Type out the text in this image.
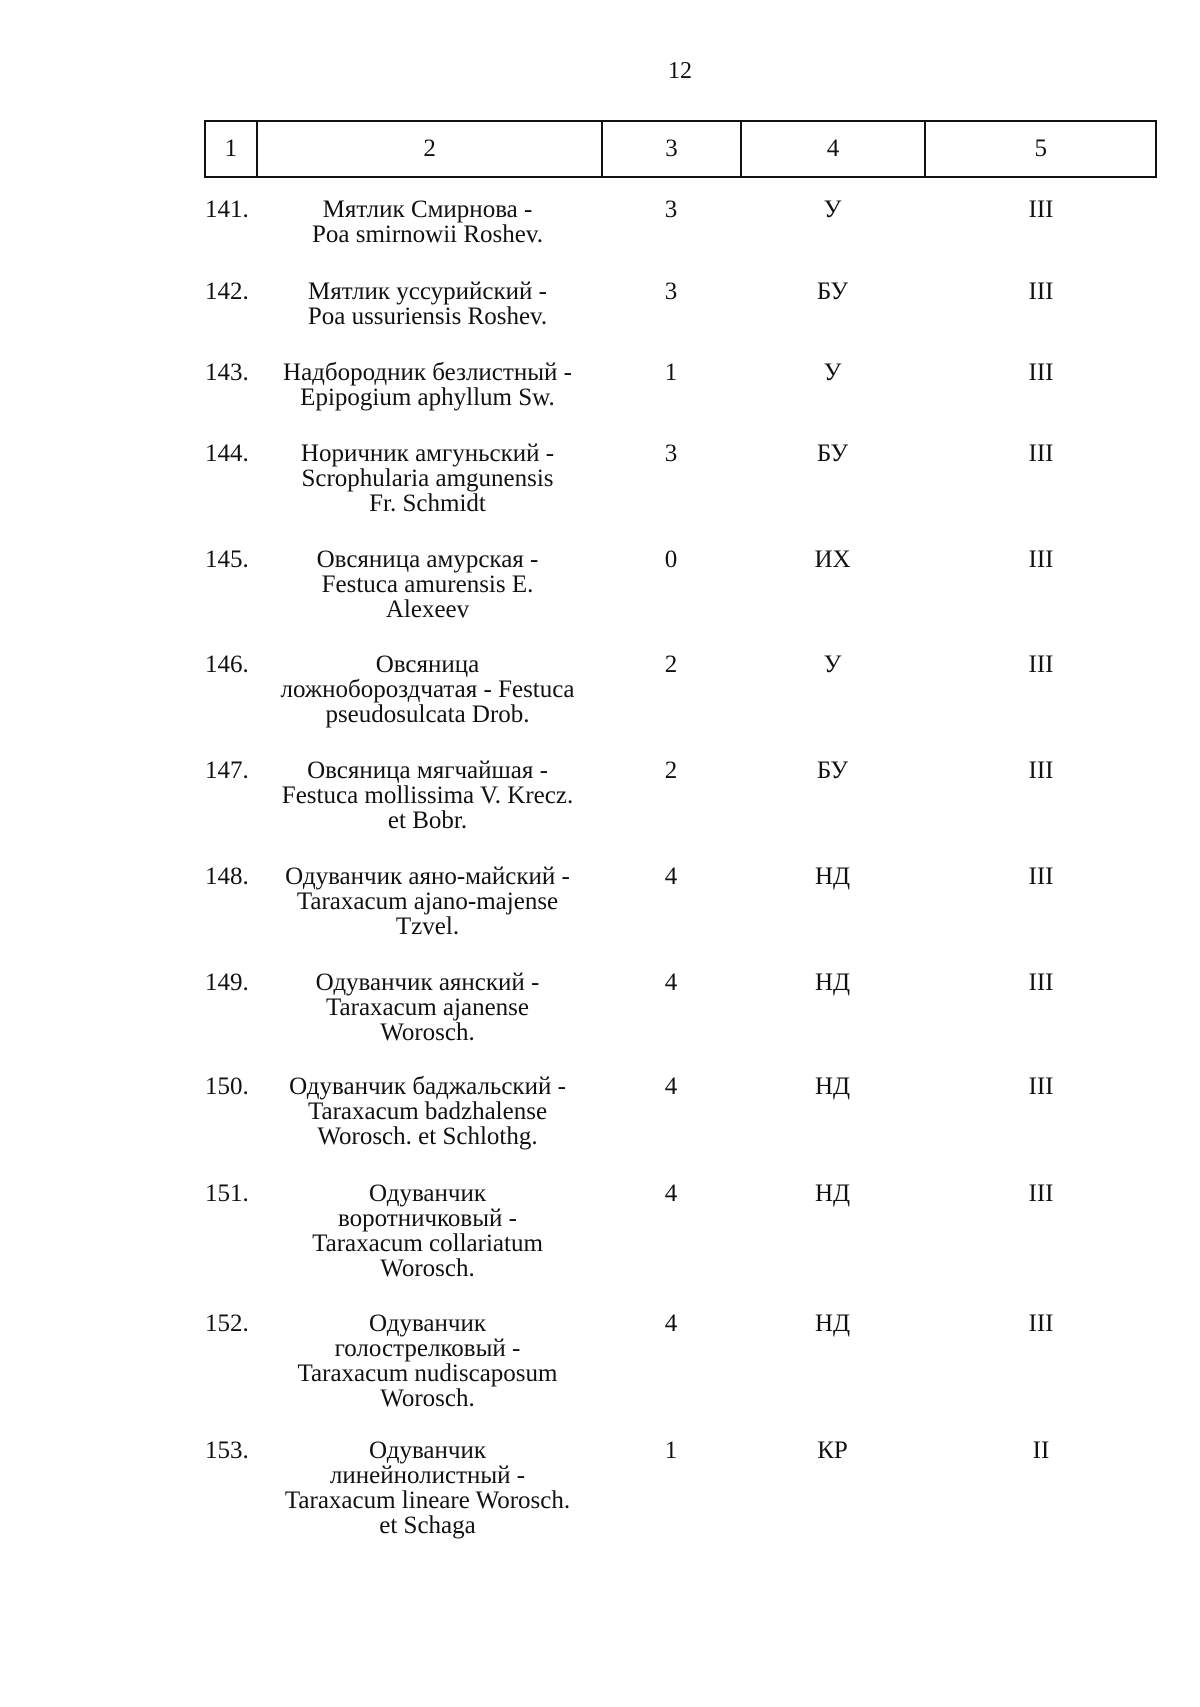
12
1	2	3	4	5
141.	Мятлик Смирнова -
Poa smirnowii Roshev.
3	У	III
142.	Мятлик уссурийский -
Poa ussuriensis Roshev.
3	БУ	III
143.	Надбородник безлистный -
Epipogium aphyllum Sw.
1	У	III
144.	Норичник амгуньский -
Scrophularia amgunensis
Fr. Schmidt
3	БУ	III
145.	Овсяница амурская -
Festuca amurensis E.
Alexeev
0	ИХ	III
146.	Овсяница
ложнобороздчатая - Festuca
pseudosulcata Drob.
2	У	III
147.	Овсяница мягчайшая -
Festuca mollissima V. Krecz.
et Bobr.
2	БУ	III
148.	Одуванчик аяно-майский -
Taraxacum ajano-majense
Tzvel.
4	НД	III
149.	Одуванчик аянский -
Taraxacum ajanense
Worosch.
4	НД	III
150.	Одуванчик баджальский -
Taraxacum badzhalense
Worosch. et Schlothg.
4	НД	III
151.	Одуванчик
воротничковый -
Taraxacum collariatum
Worosch.
4	НД	III
152.	Одуванчик
голострелковый -
Taraxacum nudiscaposum
Worosch.
4	НД	III
153.	Одуванчик
линейнолистный -
Taraxacum lineare Worosch.
et Schaga
1	КР	II
